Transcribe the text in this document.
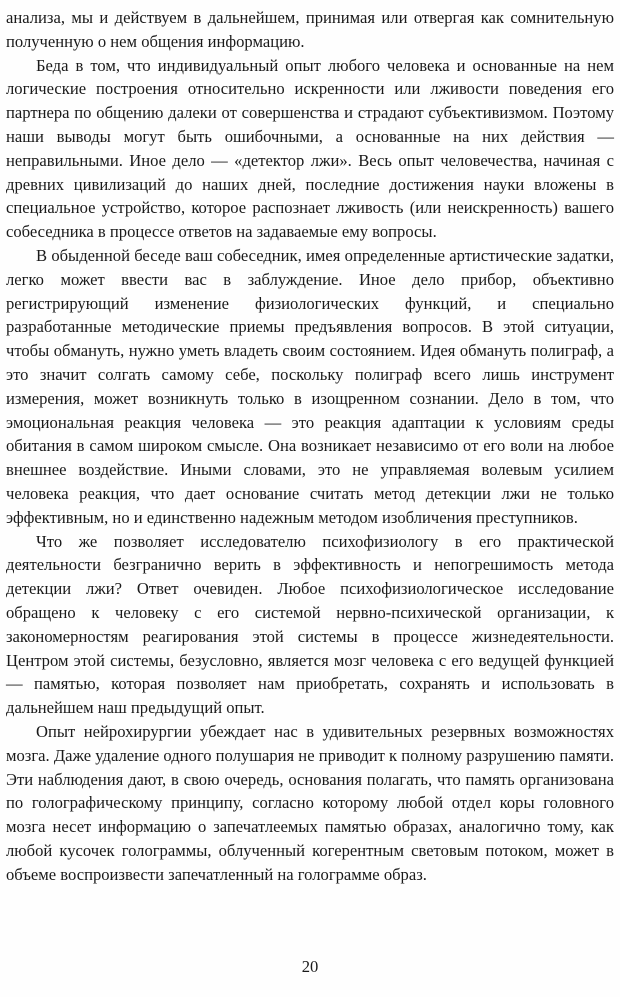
анализа, мы и действуем в дальнейшем, принимая или отвергая как сомнительную полученную о нем общения информацию.

Беда в том, что индивидуальный опыт любого человека и основанные на нем логические построения относительно искренности или лживости поведения его партнера по общению далеки от совершенства и страдают субъективизмом. Поэтому наши выводы могут быть ошибочными, а основанные на них действия — неправильными. Иное дело — «детектор лжи». Весь опыт человечества, начиная с древних цивилизаций до наших дней, последние достижения науки вложены в специальное устройство, которое распознает лживость (или неискренность) вашего собеседника в процессе ответов на задаваемые ему вопросы.

В обыденной беседе ваш собеседник, имея определенные артистические задатки, легко может ввести вас в заблуждение. Иное дело прибор, объективно регистрирующий изменение физиологических функций, и специально разработанные методические приемы предъявления вопросов. В этой ситуации, чтобы обмануть, нужно уметь владеть своим состоянием. Идея обмануть полиграф, а это значит солгать самому себе, поскольку полиграф всего лишь инструмент измерения, может возникнуть только в изощренном сознании. Дело в том, что эмоциональная реакция человека — это реакция адаптации к условиям среды обитания в самом широком смысле. Она возникает независимо от его воли на любое внешнее воздействие. Иными словами, это не управляемая волевым усилием человека реакция, что дает основание считать метод детекции лжи не только эффективным, но и единственно надежным методом изобличения преступников.

Что же позволяет исследователю психофизиологу в его практической деятельности безгранично верить в эффективность и непогрешимость метода детекции лжи? Ответ очевиден. Любое психофизиологическое исследование обращено к человеку с его системой нервно-психической организации, к закономерностям реагирования этой системы в процессе жизнедеятельности. Центром этой системы, безусловно, является мозг человека с его ведущей функцией — памятью, которая позволяет нам приобретать, сохранять и использовать в дальнейшем наш предыдущий опыт.

Опыт нейрохирургии убеждает нас в удивительных резервных возможностях мозга. Даже удаление одного полушария не приводит к полному разрушению памяти. Эти наблюдения дают, в свою очередь, основания полагать, что память организована по голографическому принципу, согласно которому любой отдел коры головного мозга несет информацию о запечатлеемых памятью образах, аналогично тому, как любой кусочек голограммы, облученный когерентным световым потоком, может в объеме воспроизвести запечатленный на голограмме образ.

20
